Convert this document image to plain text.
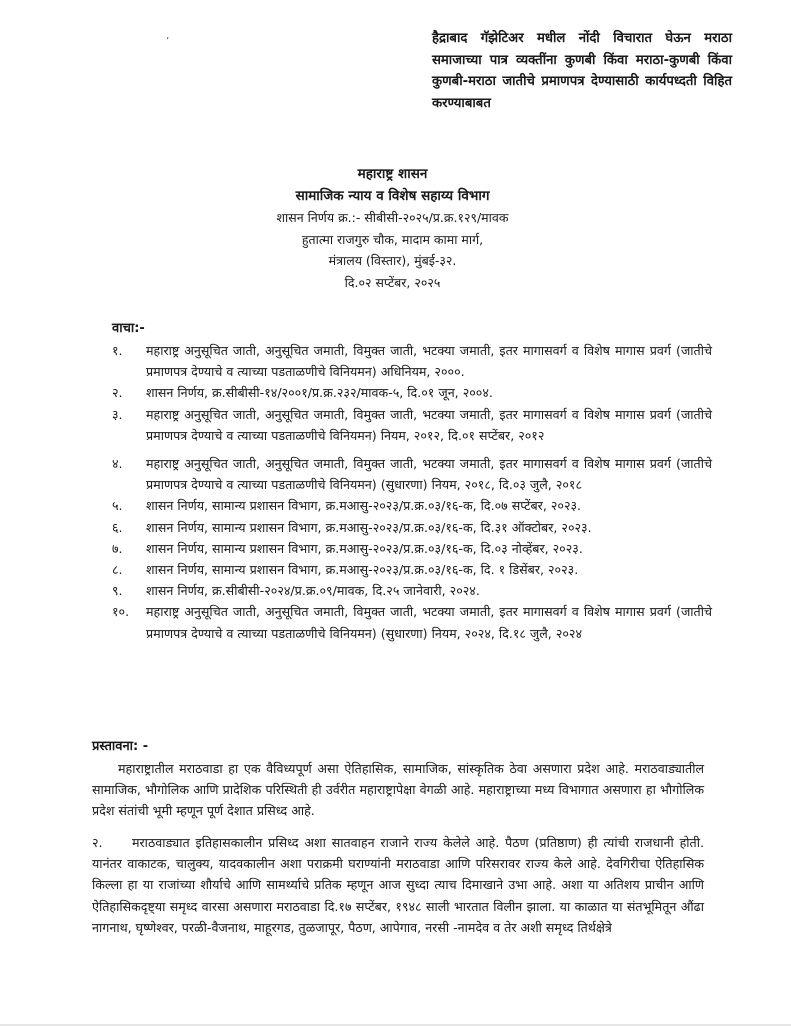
’	हैद्राबाद गॅझेटिअर मधील नोंदी विचारात घेऊन मराठा समाजाच्या पात्र व्यक्तींना कुणबी किंवा मराठा-कुणबी किंवा कुणबी-मराठा जातीचे प्रमाणपत्र देण्यासाठी कार्यपध्दती विहित करण्याबाबत
महाराष्ट्र शासन
सामाजिक न्याय व विशेष सहाय्य विभाग
शासन निर्णय क्र.:- सीबीसी-२०२५/प्र.क्र.१२९/मावक
हुतात्मा राजगुरु चौक, मादाम कामा मार्ग,
मंत्रालय (विस्तार), मुंबई-३२.
दि.०२ सप्टेंबर, २०२५
वाचा:-
१.	महाराष्ट्र अनुसूचित जाती, अनुसूचित जमाती, विमुक्त जाती, भटक्या जमाती, इतर मागासवर्ग व विशेष मागास प्रवर्ग (जातीचे प्रमाणपत्र देण्याचे व त्याच्या पडताळणीचे विनियमन) अधिनियम, २०००.
२.	शासन निर्णय, क्र.सीबीसी-१४/२००१/प्र.क्र.२३२/मावक-५, दि.०१ जून, २००४.
३.	महाराष्ट्र अनुसूचित जाती, अनुसूचित जमाती, विमुक्त जाती, भटक्या जमाती, इतर मागासवर्ग व विशेष मागास प्रवर्ग (जातीचे प्रमाणपत्र देण्याचे व त्याच्या पडताळणीचे विनियमन) नियम, २०१२, दि.०१ सप्टेंबर, २०१२
४.	महाराष्ट्र अनुसूचित जाती, अनुसूचित जमाती, विमुक्त जाती, भटक्या जमाती, इतर मागासवर्ग व विशेष मागास प्रवर्ग (जातीचे प्रमाणपत्र देण्याचे व त्याच्या पडताळणीचे विनियमन) (सुधारणा) नियम, २०१८, दि.०३ जुलै, २०१८
५.	शासन निर्णय, सामान्य प्रशासन विभाग, क्र.मआसु-२०२३/प्र.क्र.०३/१६-क, दि.०७ सप्टेंबर, २०२३.
६.	शासन निर्णय, सामान्य प्रशासन विभाग, क्र.मआसु-२०२३/प्र.क्र.०३/१६-क, दि.३१ ऑक्टोबर, २०२३.
७.	शासन निर्णय, सामान्य प्रशासन विभाग, क्र.मआसु-२०२३/प्र.क्र.०३/१६-क, दि.०३ नोव्हेंबर, २०२३.
८.	शासन निर्णय, सामान्य प्रशासन विभाग, क्र.मआसु-२०२३/प्र.क्र.०३/१६-क, दि. १ डिसेंबर, २०२३.
९.	शासन निर्णय, क्र.सीबीसी-२०२४/प्र.क्र.०९/मावक, दि.२५ जानेवारी, २०२४.
१०.	महाराष्ट्र अनुसूचित जाती, अनुसूचित जमाती, विमुक्त जाती, भटक्या जमाती, इतर मागासवर्ग व विशेष मागास प्रवर्ग (जातीचे प्रमाणपत्र देण्याचे व त्याच्या पडताळणीचे विनियमन) (सुधारणा) नियम, २०२४, दि.१८ जुलै, २०२४
प्रस्तावना: -
महाराष्ट्रातील मराठवाडा हा एक वैविध्यपूर्ण असा ऐतिहासिक, सामाजिक, सांस्कृतिक ठेवा असणारा प्रदेश आहे. मराठवाड्यातील सामाजिक, भौगोलिक आणि प्रादेशिक परिस्थिती ही उर्वरीत महाराष्ट्रापेक्षा वेगळी आहे. महाराष्ट्राच्या मध्य विभागात असणारा हा भौगोलिक प्रदेश संतांची भूमी म्हणून पूर्ण देशात प्रसिध्द आहे.
२. मराठवाड्यात इतिहासकालीन प्रसिध्द अशा सातवाहन राजाने राज्य केलेले आहे. पैठण (प्रतिष्ठाण) ही त्यांची राजधानी होती. यानंतर वाकाटक, चालुक्य, यादवकालीन अशा पराक्रमी घराण्यांनी मराठवाडा आणि परिसरावर राज्य केले आहे. देवगिरीचा ऐतिहासिक किल्ला हा या राजांच्या शौर्याचे आणि सामर्थ्याचे प्रतिक म्हणून आज सुध्दा त्याच दिमाखाने उभा आहे. अशा या अतिशय प्राचीन आणि ऐतिहासिकदृष्ट्या समृध्द वारसा असणारा मराठवाडा दि.१७ सप्टेंबर, १९४८ साली भारतात विलीन झाला. या काळात या संतभूमितून औंढा नागनाथ, घृष्णेश्वर, परळी-वैजनाथ, माहूरगड, तुळजापूर, पैठण, आपेगाव, नरसी -नामदेव व तेर अशी समृध्द तिर्थक्षेत्रे
